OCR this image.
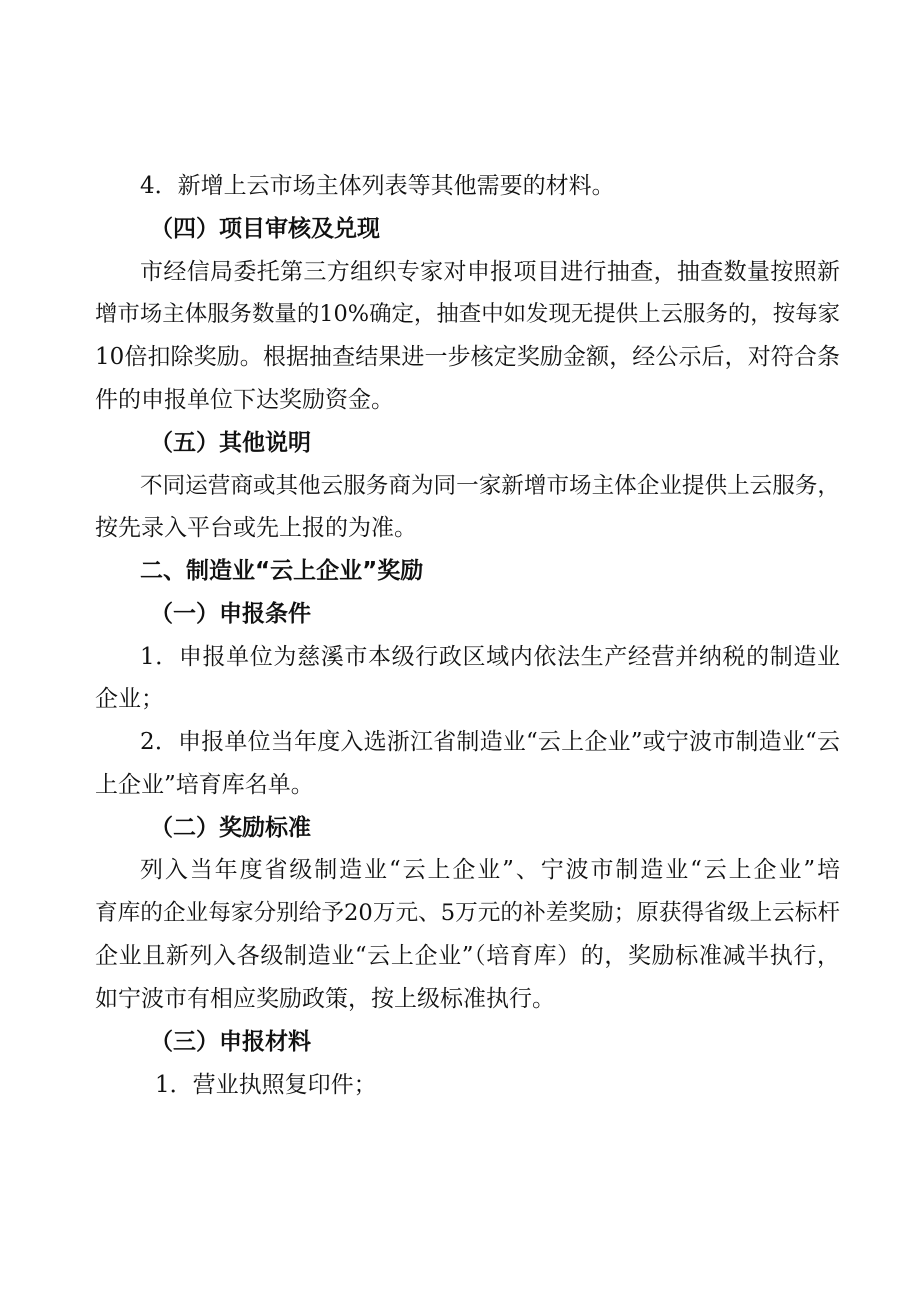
4．新增上云市场主体列表等其他需要的材料。
（四）项目审核及兑现
市经信局委托第三方组织专家对申报项目进行抽查，抽查数量按照新
增市场主体服务数量的10%确定，抽查中如发现无提供上云服务的，按每家
10倍扣除奖励。根据抽查结果进一步核定奖励金额，经公示后，对符合条
件的申报单位下达奖励资金。
（五）其他说明
不同运营商或其他云服务商为同一家新增市场主体企业提供上云服务，
按先录入平台或先上报的为准。
二、制造业“云上企业”奖励
（一）申报条件
1．申报单位为慈溪市本级行政区域内依法生产经营并纳税的制造业
企业；
2．申报单位当年度入选浙江省制造业“云上企业”或宁波市制造业“云
上企业”培育库名单。
（二）奖励标准
列入当年度省级制造业“云上企业”、宁波市制造业“云上企业”培
育库的企业每家分别给予20万元、5万元的补差奖励；原获得省级上云标杆
企业且新列入各级制造业“云上企业”（培育库）的，奖励标准减半执行，
如宁波市有相应奖励政策，按上级标准执行。
（三）申报材料
1．营业执照复印件；
